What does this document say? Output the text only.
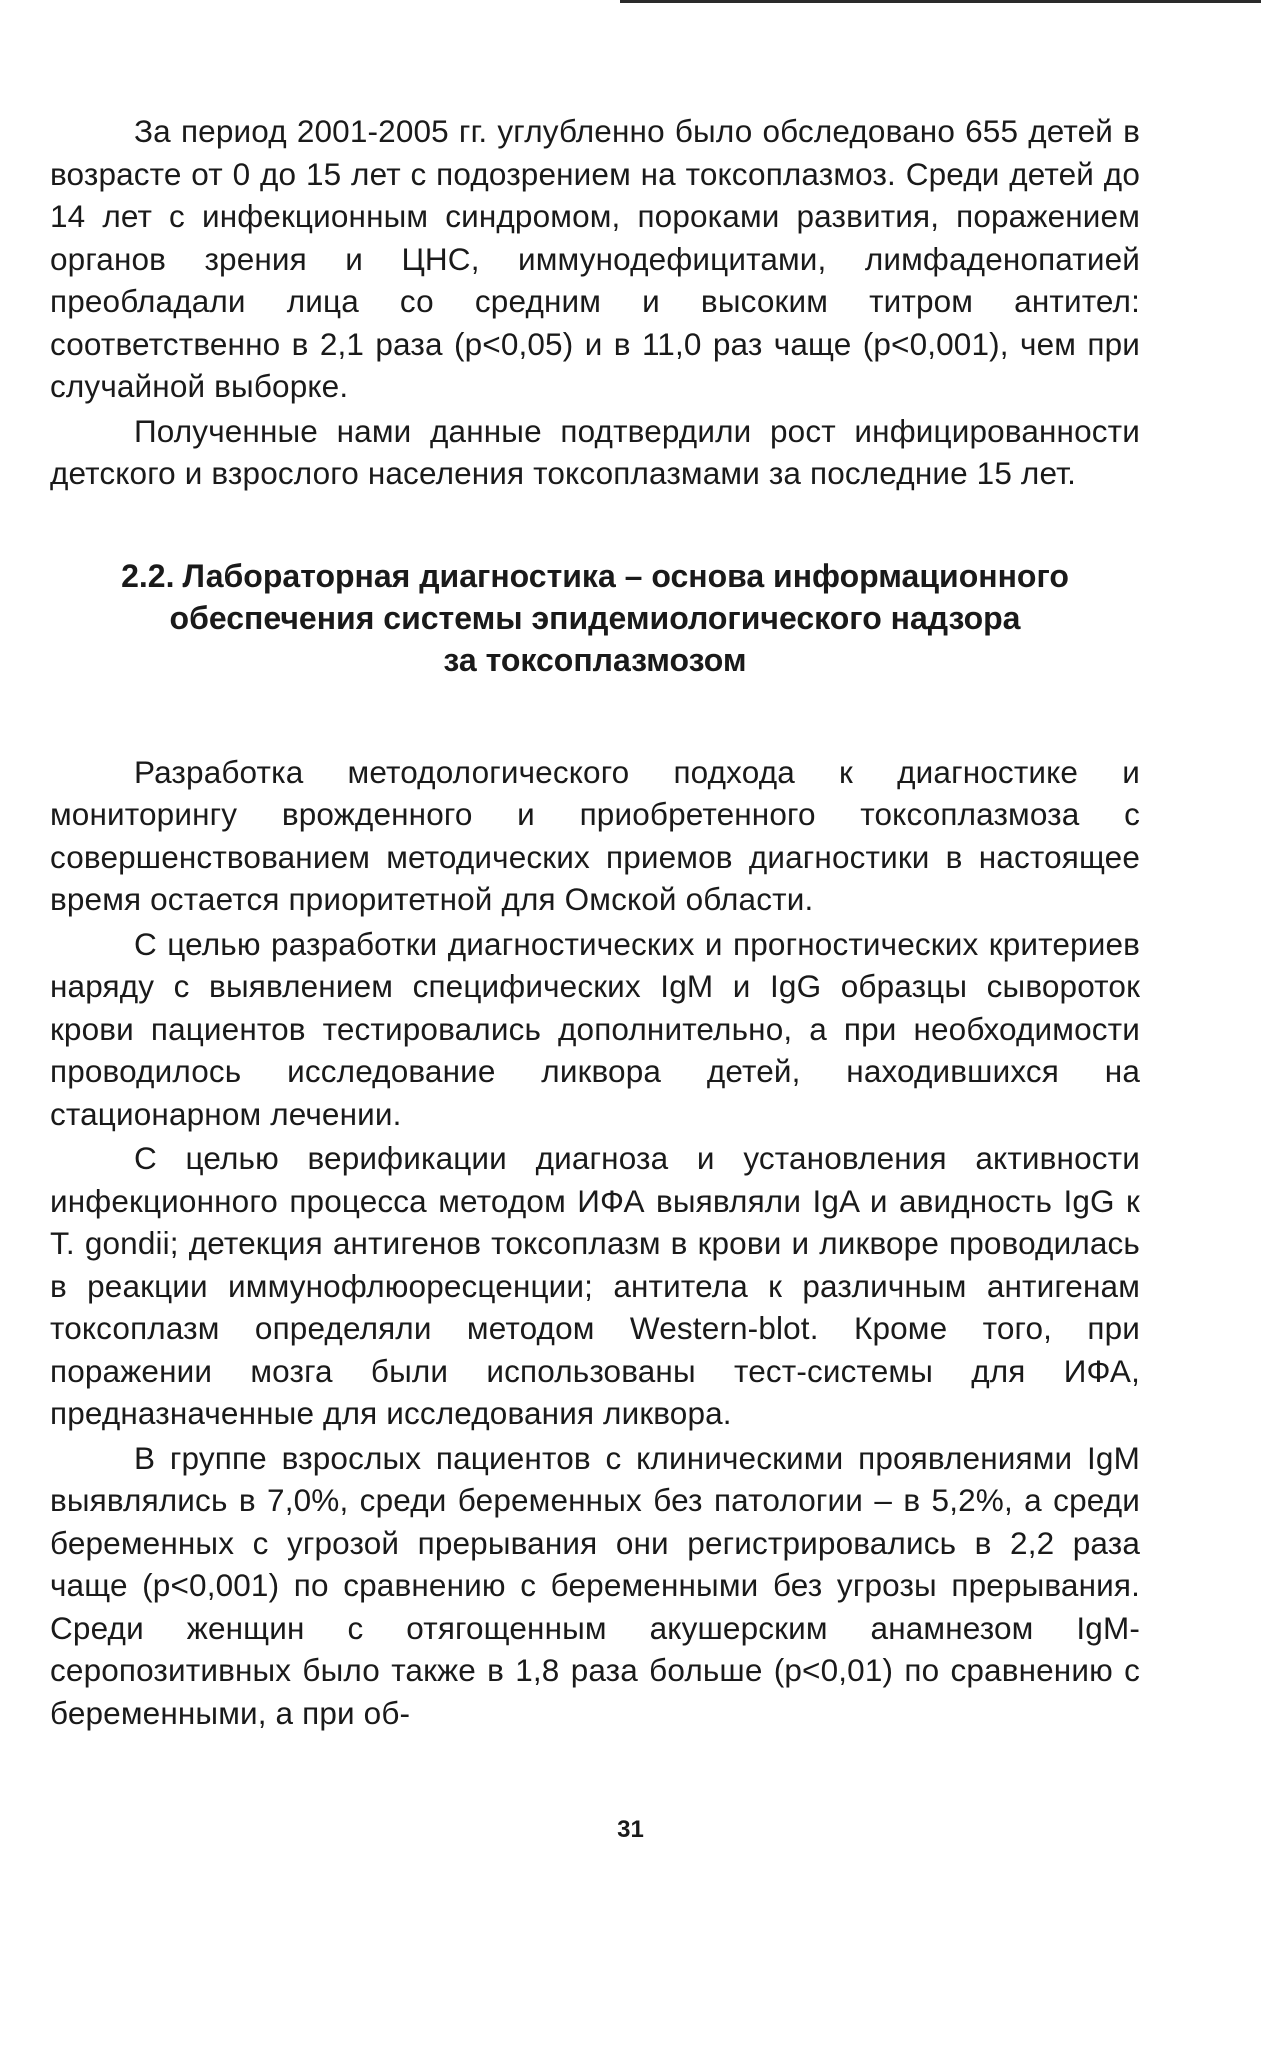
За период 2001-2005 гг. углубленно было обследовано 655 детей в возрасте от 0 до 15 лет с подозрением на токсоплазмоз. Среди детей до 14 лет с инфекционным синдромом, пороками развития, поражением органов зрения и ЦНС, иммунодефицитами, лимфаденопатией преобладали лица со средним и высоким титром антител: соответственно в 2,1 раза (p<0,05) и в 11,0 раз чаще (p<0,001), чем при случайной выборке.

Полученные нами данные подтвердили рост инфицированности детского и взрослого населения токсоплазмами за последние 15 лет.

2.2. Лабораторная диагностика – основа информационного
обеспечения системы эпидемиологического надзора
за токсоплазмозом

Разработка методологического подхода к диагностике и мониторингу врожденного и приобретенного токсоплазмоза с совершенствованием методических приемов диагностики в настоящее время остается приоритетной для Омской области.

С целью разработки диагностических и прогностических критериев наряду с выявлением специфических IgM и IgG образцы сывороток крови пациентов тестировались дополнительно, а при необходимости проводилось исследование ликвора детей, находившихся на стационарном лечении.

С целью верификации диагноза и установления активности инфекционного процесса методом ИФА выявляли IgA и авидность IgG к T. gondii; детекция антигенов токсоплазм в крови и ликворе проводилась в реакции иммунофлюоресценции; антитела к различным антигенам токсоплазм определяли методом Western-blot. Кроме того, при поражении мозга были использованы тест-системы для ИФА, предназначенные для исследования ликвора.

В группе взрослых пациентов с клиническими проявлениями IgM выявлялись в 7,0%, среди беременных без патологии – в 5,2%, а среди беременных с угрозой прерывания они регистрировались в 2,2 раза чаще (p<0,001) по сравнению с беременными без угрозы прерывания. Среди женщин с отягощенным акушерским анамнезом IgM-серопозитивных было также в 1,8 раза больше (p<0,01) по сравнению с беременными, а при об-

31
